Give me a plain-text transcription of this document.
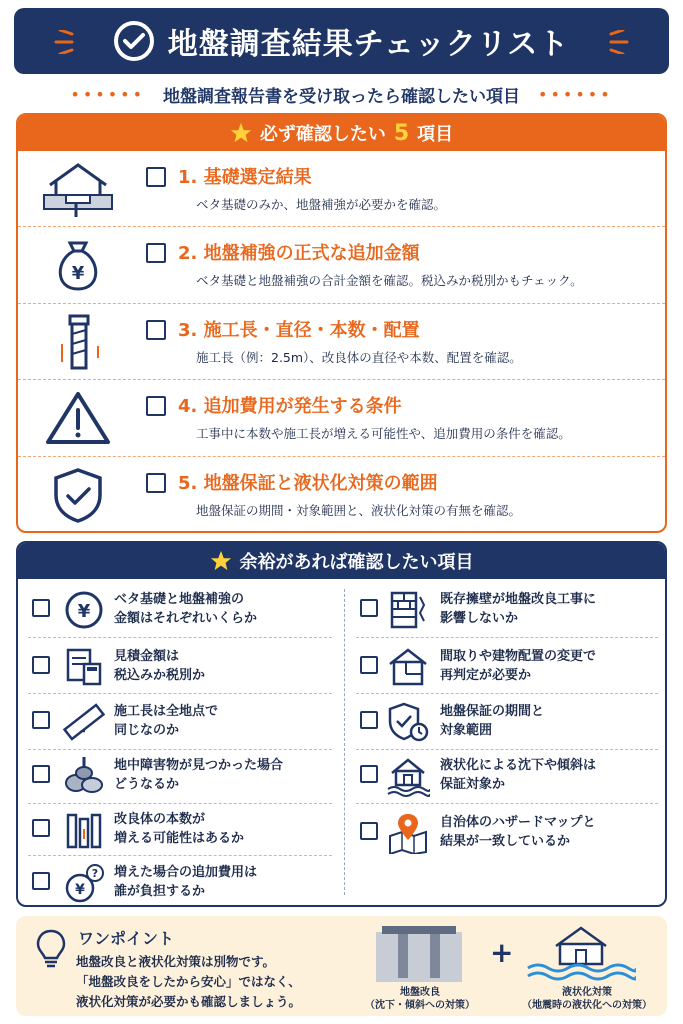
地盤調査結果チェックリスト
•••••• 地盤調査報告書を受け取ったら確認したい項目 ••••••
必ず確認したい 5 項目
1. 基礎選定結果
ベタ基礎のみか、地盤補強が必要かを確認。
¥
2. 地盤補強の正式な追加金額
ベタ基礎と地盤補強の合計金額を確認。税込みか税別かもチェック。
3. 施工長・直径・本数・配置
施工長（例：2.5m）、改良体の直径や本数、配置を確認。
4. 追加費用が発生する条件
工事中に本数や施工長が増える可能性や、追加費用の条件を確認。
5. 地盤保証と液状化対策の範囲
地盤保証の期間・対象範囲と、液状化対策の有無を確認。
余裕があれば確認したい項目
¥
ベタ基礎と地盤補強の
金額はそれぞれいくらか
見積金額は
税込みか税別か
施工長は全地点で
同じなのか
地中障害物が見つかった場合
どうなるか
改良体の本数が
増える可能性はあるか
¥
? 増えた場合の追加費用は
誰が負担するか
既存擁壁が地盤改良工事に
影響しないか
間取りや建物配置の変更で
再判定が必要か
地盤保証の期間と
対象範囲
液状化による沈下や傾斜は
保証対象か
自治体のハザードマップと
結果が一致しているか
ワンポイント
地盤改良と液状化対策は別物です。
「地盤改良をしたから安心」ではなく、
液状化対策が必要かも確認しましょう。
地盤改良
（沈下・傾斜への対策）
+
液状化対策
（地震時の液状化への対策）
